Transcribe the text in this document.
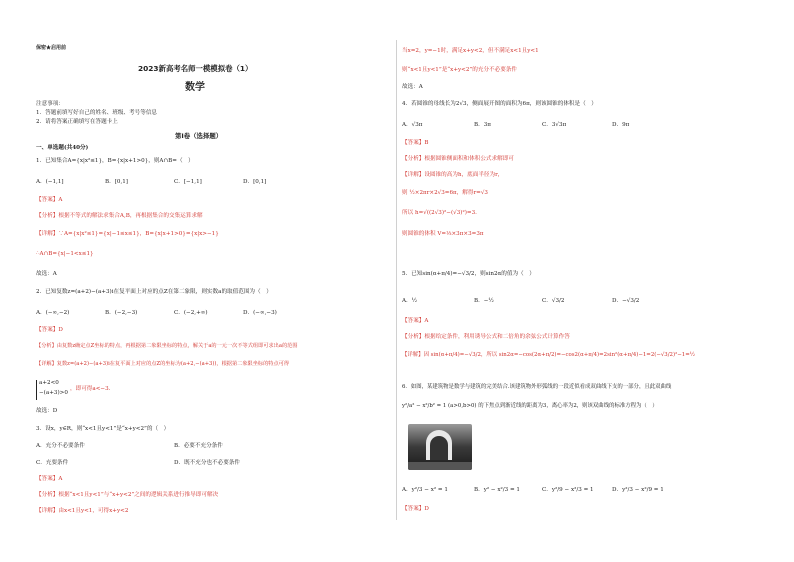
保密★启用前
2023新高考名师一模模拟卷（1）
数学
注意事项：
1．答题前填写好自己的姓名、班级、考号等信息
2．请将答案正确填写在答题卡上
第Ⅰ卷（选择题）
一、单选题(共40分)
1．已知集合A={x|x²≤1}，B={x|x+1>0}，则A∩B=（　）
A．(−1,1]	B．[0,1]	C．[−1,1]	D．[0,1]
【答案】A
【分析】根据不等式的解法求集合A,B，再根据集合的交集运算求解
【详解】∵A={x|x²≤1}={x|−1≤x≤1}，B={x|x+1>0}={x|x>−1}
∴A∩B={x|−1<x≤1}
故选：A
2．已知复数z=(a+2)−(a+3)i在复平面上对应的点Z在第二象限，则实数a的取值范围为（　）
A．(−∞,−2)	B．(−2,−3)	C．(−2,+∞)	D．(−∞,−3)
【答案】D
【分析】由复数z确定点Z坐标的特点，再根据第二象限坐标的特点，解关于a的一元一次不等式组即可求出a的范围
【详解】复数z=(a+2)−(a+3)i在复平面上对应的点Z的坐标为(a+2,−(a+3))，根据第二象限坐标的特点可得
a+2<0
−(a+3)>0
，即可得a<−3.
故选：D
3．设x，y∈R，则“x<1且y<1”是“x+y<2”的（　）
A．充分不必要条件	B．必要不充分条件
C．充要条件	D．既不充分也不必要条件
【答案】A
【分析】根据“x<1且y<1”与“x+y<2”之间的逻辑关系进行推导即可解决
【详解】由x<1且y<1，可得x+y<2
当x=2，y=−1时，满足x+y<2，但不满足x<1且y<1
则“x<1且y<1”是“x+y<2”的充分不必要条件
故选：A
4．若圆锥的母线长为2√3，侧面展开图的面积为6π，则该圆锥的体积是（　）
A．√3π	B．3π	C．3√3π	D．9π
【答案】B
【分析】根据圆锥侧面积和体积公式求解即可
【详解】设圆锥的高为h，底面半径为r，
则 ½×2πr×2√3=6π，解得r=√3
所以 h=√((2√3)²−(√3)²)=3.
则圆锥的体积 V=⅓×3π×3=3π
5．已知sin(α+π/4)=−√3/2，则sin2α的值为（　）
A．½	B．−½	C．√3/2	D．−√3/2
【答案】A
【分析】根据给定条件，利用诱导公式和二倍角的余弦公式计算作答
【详解】因 sin(α+π/4)=−√3/2，所以 sin2α=−cos(2α+π/2)=−cos2(α+π/4)=2sin²(α+π/4)−1=2(−√3/2)²−1=½
6．如图，某建筑物是数学与建筑的完美结合.该建筑物外形弧线的一段近似看成双曲线下支的一部分，且此双曲线
y²/a² − x²/b² = 1 (a>0,b>0) 的下焦点到渐近线的距离为3，离心率为2，则该双曲线的标准方程为（　）
A．y²/3 − x² = 1	B．y² − x²/3 = 1	C．y²/9 − x²/3 = 1	D．y²/3 − x²/9 = 1
【答案】D
